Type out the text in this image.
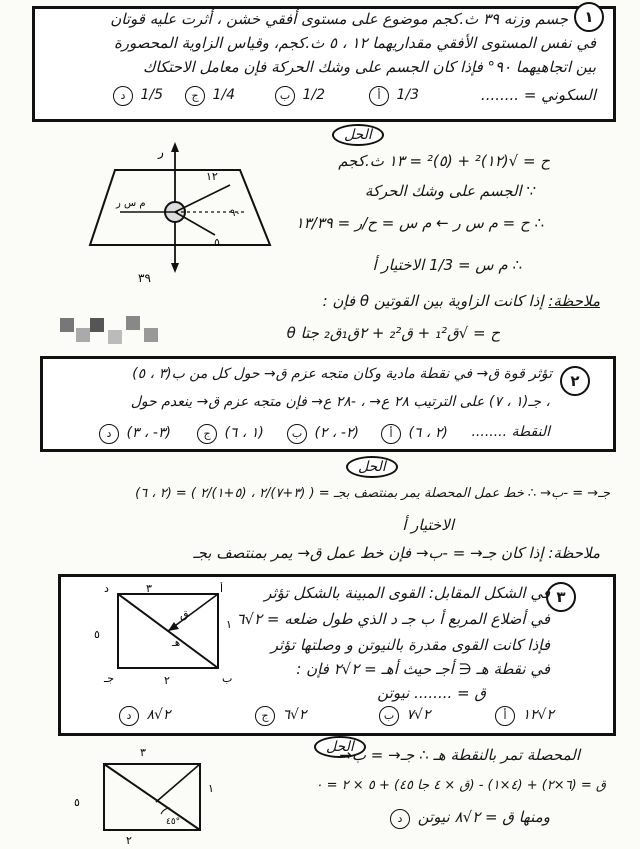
١
جسم وزنه ٣٩ ث.كجم موضوع على مستوى أفقي خشن ، أثرت عليه قوتان
في نفس المستوى الأفقي مقداريهما ١٢ ، ٥ ث.كجم، وقياس الزاوية المحصورة
بين اتجاهيهما ٩٠° فإذا كان الجسم على وشك الحركة فإن معامل الاحتكاك
السكوني = ........
أ 1/3
ب 1/2
ج 1/4
د 1/5
الحل
ر
١٢
٥
٩٠
م س ر
٣٩
ح = √(١٢)² + (٥)² = ١٣ ث.كجم
∵ الجسم على وشك الحركة
∴ ح = م س ر ← م س = ح/ر = ١٣/٣٩
∴ م س = 1/3 الاختيار أ
ملاحظة: إذا كانت الزاوية بين القوتين θ فإن :
ح = √ق₁² + ق₂² + ٢ق₁ق₂ جتا θ
٢
تؤثر قوة ق→ في نقطة مادية وكان متجه عزم ق→ حول كل من ب(٣ ، ٥)
، جـ(١ ، ٧) على الترتيب ٢٨ ع→ ، -٢٨ ع→ فإن متجه عزم ق→ ينعدم حول
النقطة ........
أ (٢ ، ٦)
ب (٢- ، ٢)
ج (١ ، ٦)
د (٣- ، ٣)
الحل
جـ→ = -ب→ ∴ خط عمل المحصلة يمر بمنتصف بجـ = ( (٣+٧)/٢ ، (٥+١)/٢ ) = (٢ ، ٦)
الاختيار أ
ملاحظة: إذا كان جـ→ = -ب→ فإن خط عمل ق→ يمر بمنتصف بجـ
٣
أ
ب
جـ
د
هـ
٣
٥
١
٢
ق
في الشكل المقابل: القوى المبينة بالشكل تؤثر
في أضلاع المربع أ ب جـ د الذي طول ضلعه = ٢√٦
فإذا كانت القوى مقدرة بالنيوتن و وصلتها تؤثر
في نقطة هـ ∈ أجـ حيث أهـ = ٢√٢ فإن :
ق = ........ نيوتن
أ ٢√١٢
ب ٢√٧
ج ٢√٦
د ٢√٨
الحل
٣
٥
١
٢
٤٥°
المحصلة تمر بالنقطة هـ ∴ جـ→ = ب→
ق = (٦×٢) + (٤×١) - (ق × ٤ جا ٤٥) + ٥ × ٢ = ٠
ومنها ق = ٢√٨ نيوتن د
